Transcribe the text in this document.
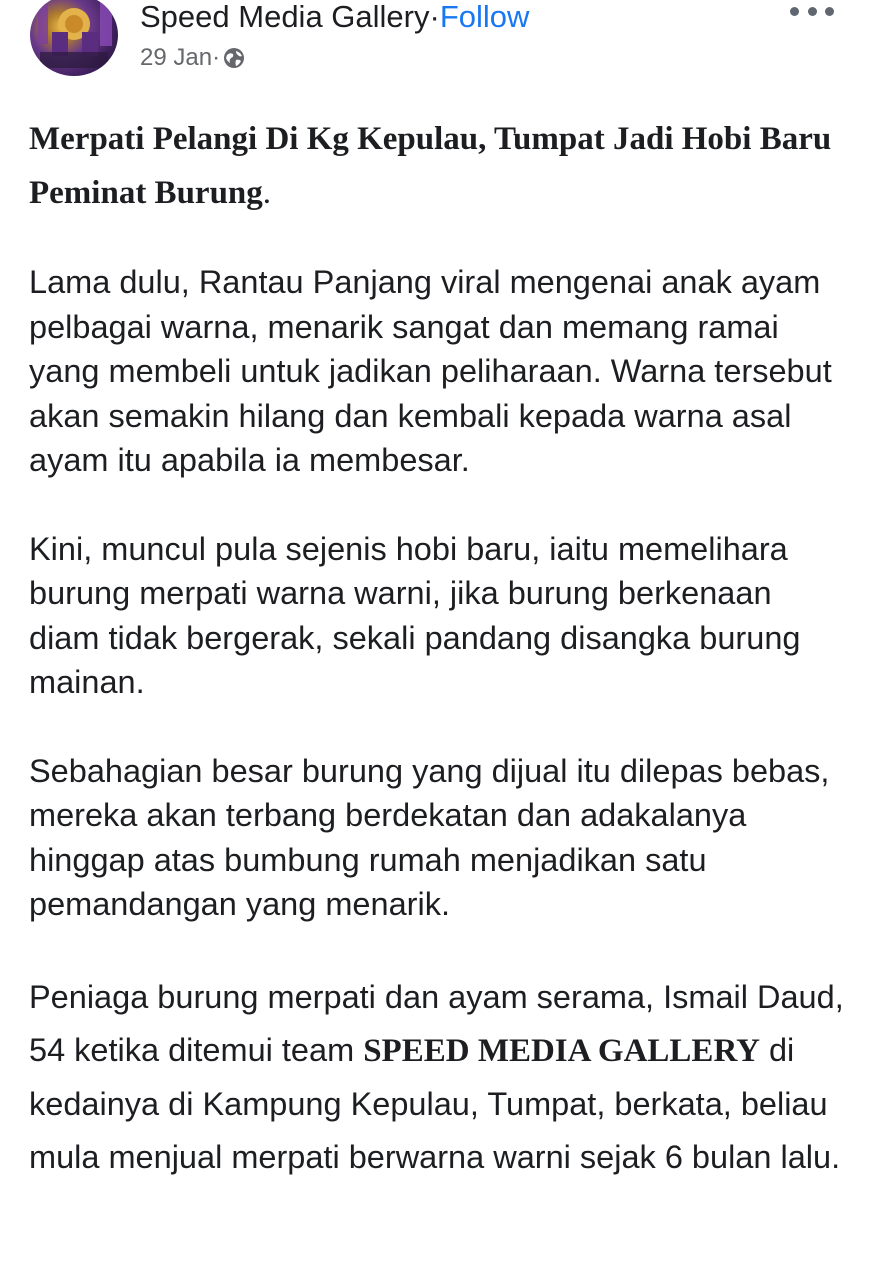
Speed Media Gallery·Follow
29 Jan ·

Merpati Pelangi Di Kg Kepulau, Tumpat Jadi Hobi Baru Peminat Burung.

Lama dulu, Rantau Panjang viral mengenai anak ayam pelbagai warna, menarik sangat dan memang ramai yang membeli untuk jadikan peliharaan. Warna tersebut akan semakin hilang dan kembali kepada warna asal ayam itu apabila ia membesar.

Kini, muncul pula sejenis hobi baru, iaitu memelihara burung merpati warna warni, jika burung berkenaan diam tidak bergerak, sekali pandang disangka burung mainan.

Sebahagian besar burung yang dijual itu dilepas bebas, mereka akan terbang berdekatan dan adakalanya hinggap atas bumbung rumah menjadikan satu pemandangan yang menarik.

Peniaga burung merpati dan ayam serama, Ismail Daud, 54 ketika ditemui team SPEED MEDIA GALLERY di kedainya di Kampung Kepulau, Tumpat, berkata, beliau mula menjual merpati berwarna warni sejak 6 bulan lalu.
